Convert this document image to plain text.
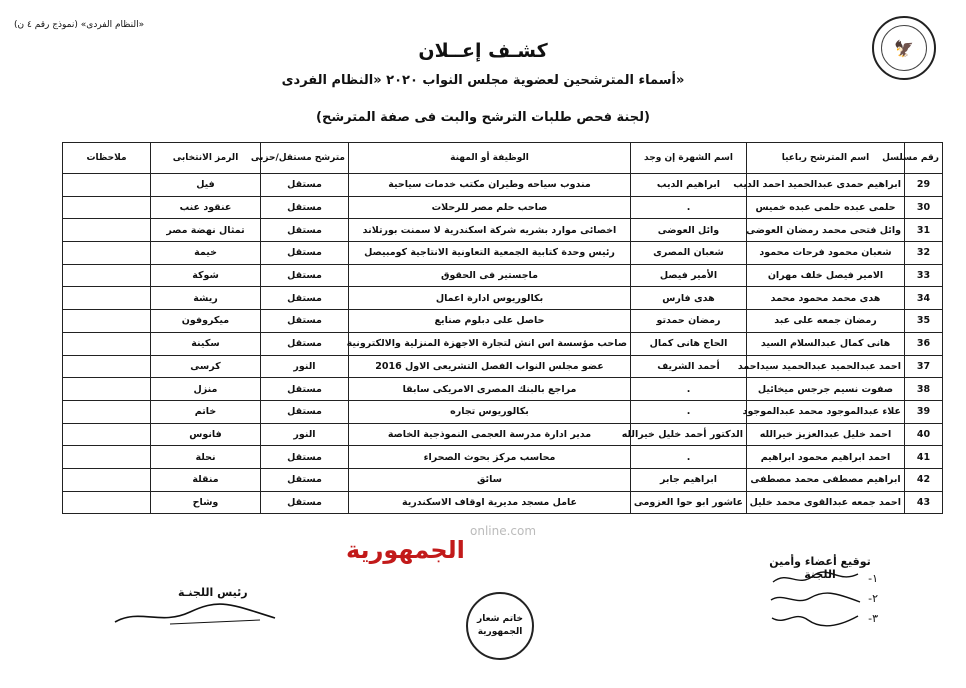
(نموذج رقم ٤ ن) «النظام الفردى»
🦅
كشـف إعــلان
أسماء المترشحين لعضوية مجلس النواب ٢٠٢٠ «النظام الفردى»
(لجنة فحص طلبات الترشح والبت فى صفة المترشح)
رقم مسلسل	اسم المترشح رباعيا	اسم الشهرة إن وجد	الوظيفة أو المهنة	مترشح مستقل/حزبى	الرمز الانتخابى	ملاحظات
29	ابراهيم حمدى عبدالحميد احمد الديب	ابراهيم الديب	مندوب سياحه وطيران مكتب خدمات سياحية	مستقل	فيل	
30	حلمى عبده حلمى عبده خميس	.	صاحب حلم مصر للرحلات	مستقل	عنقود عنب	
31	وائل فتحى محمد رمضان العوضى	وائل العوضى	اخصائى موارد بشريه شركة اسكندرية لا سمنت بورتلاند	مستقل	تمثال نهضة مصر	
32	شعبان محمود فرحات محمود	شعبان المصرى	رئيس وحدة كتابية الجمعية التعاونية الانتاجية كومبيصل	مستقل	خيمة	
33	الامير فيصل خلف مهران	الأمير فيصل	ماجستير فى الحقوق	مستقل	شوكة	
34	هدى محمد محمود محمد	هدى فارس	بكالوريوس ادارة اعمال	مستقل	ريشة	
35	رمضان جمعه على عبد	رمضان حمدتو	حاصل على دبلوم صنايع	مستقل	ميكروفون	
36	هانى كمال عبدالسلام السيد	الحاج هانى كمال	صاحب مؤسسة اس انش لتجارة الاجهزة المنزلية والالكترونية	مستقل	سكينة	
37	احمد عبدالحميد عبدالحميد سيداحمد	أحمد الشريف	عضو مجلس النواب الفصل التشريعى الاول 2016	النور	كرسى	
38	صفوت نسيم جرجس ميخائيل	.	مراجع بالبنك المصرى الامريكى سابقا	مستقل	منزل	
39	علاء عبدالموجود محمد عبدالموجود	.	بكالوريوس تجاره	مستقل	خاتم	
40	احمد خليل عبدالعزيز خيرالله	الدكتور أحمد خليل خيرالله	مدير ادارة مدرسة العجمى النموذجية الخاصة	النور	فانوس	
41	احمد ابراهيم محمود ابراهيم	.	محاسب مركز بحوث الصحراء	مستقل	نحلة	
42	ابراهيم مصطفى محمد مصطفى	ابراهيم جابر	سائق	مستقل	منقلة	
43	احمد جمعه عبدالقوى محمد خليل	عاشور ابو حوا العزومى	عامل مسجد مديرية اوقاف الاسكندرية	مستقل	وشاح	
توقيع أعضاء وأمين اللجنة	-١
-٢
-٣
رئيس اللجنـة
خاتم شعار
الجمهورية
الجمهورية
online.com
